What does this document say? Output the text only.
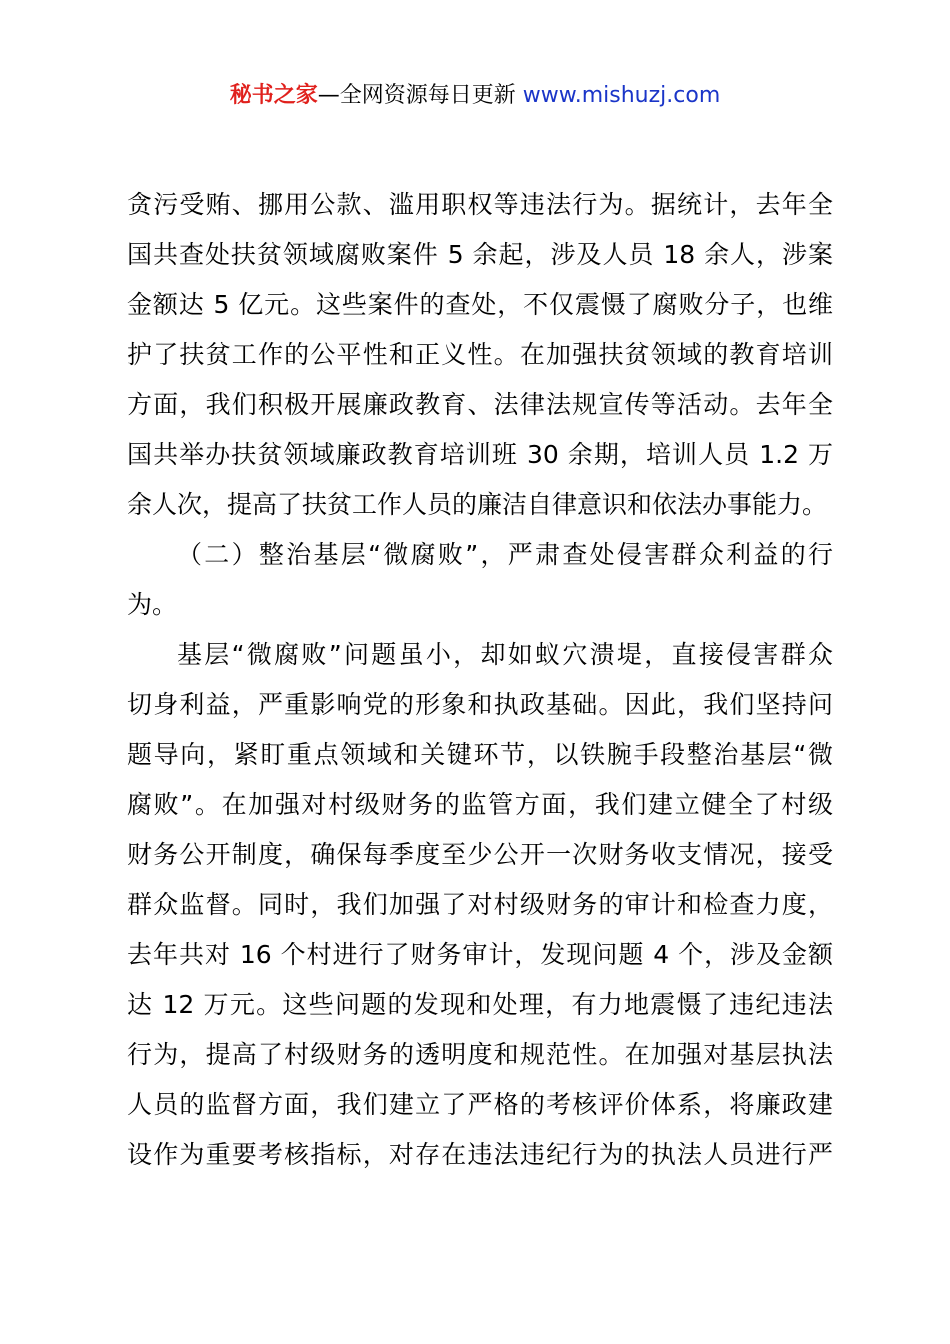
秘书之家—全网资源每日更新 www.mishuzj.com
贪污受贿、挪用公款、滥用职权等违法行为。据统计，去年全
国共查处扶贫领域腐败案件 5 余起，涉及人员 18 余人，涉案
金额达 5 亿元。这些案件的查处，不仅震慑了腐败分子，也维
护了扶贫工作的公平性和正义性。在加强扶贫领域的教育培训
方面，我们积极开展廉政教育、法律法规宣传等活动。去年全
国共举办扶贫领域廉政教育培训班 30 余期，培训人员 1.2 万
余人次，提高了扶贫工作人员的廉洁自律意识和依法办事能力。
（二）整治基层“微腐败”，严肃查处侵害群众利益的行
为。
基层“微腐败”问题虽小，却如蚁穴溃堤，直接侵害群众
切身利益，严重影响党的形象和执政基础。因此，我们坚持问
题导向，紧盯重点领域和关键环节，以铁腕手段整治基层“微
腐败”。在加强对村级财务的监管方面，我们建立健全了村级
财务公开制度，确保每季度至少公开一次财务收支情况，接受
群众监督。同时，我们加强了对村级财务的审计和检查力度，
去年共对 16 个村进行了财务审计，发现问题 4 个，涉及金额
达 12 万元。这些问题的发现和处理，有力地震慑了违纪违法
行为，提高了村级财务的透明度和规范性。在加强对基层执法
人员的监督方面，我们建立了严格的考核评价体系，将廉政建
设作为重要考核指标，对存在违法违纪行为的执法人员进行严
